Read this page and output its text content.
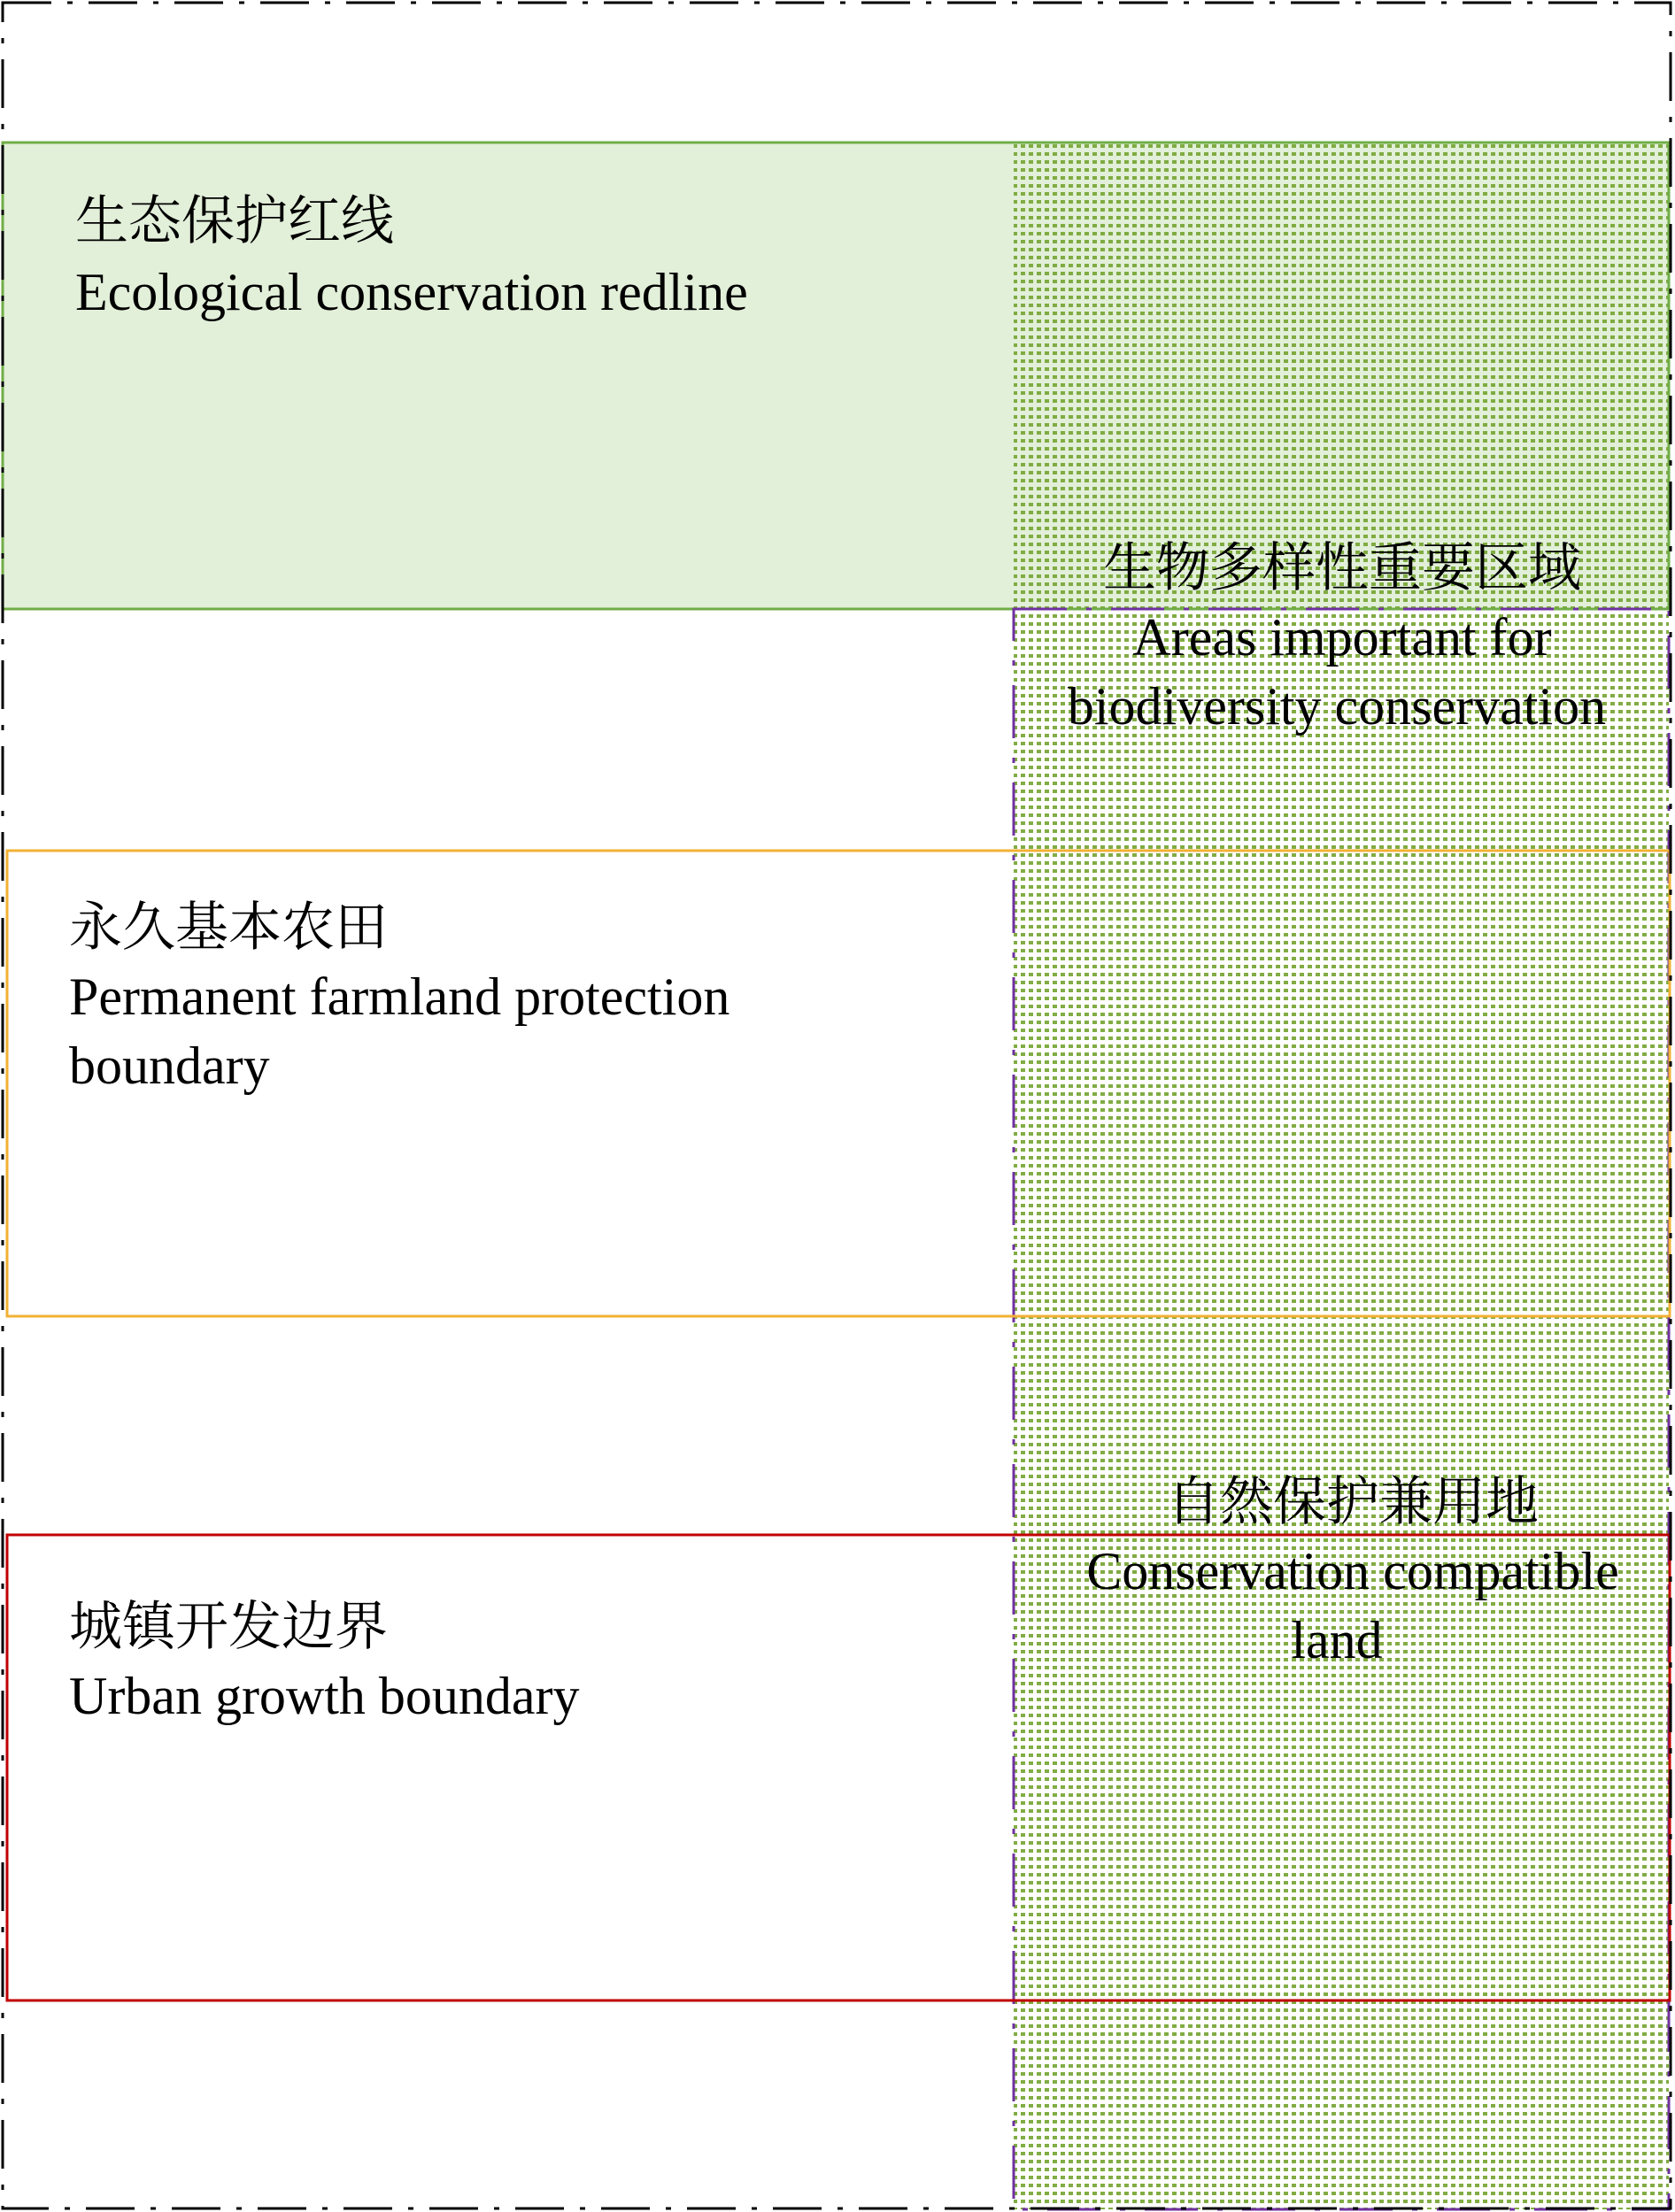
生态保护红线
Ecological conservation redline
永久基本农田
Permanent farmland protection
boundary
城镇开发边界
Urban growth boundary
生物多样性重要区域
Areas important for
biodiversity conservation
自然保护兼用地
Conservation compatible
land
